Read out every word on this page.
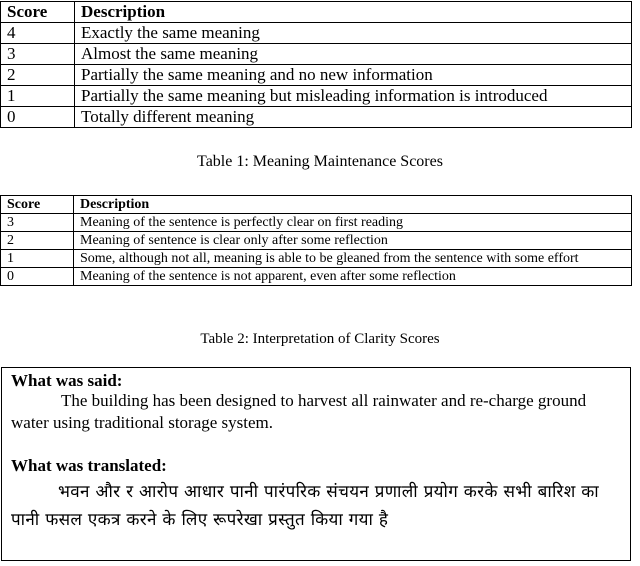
Score	Description
4	Exactly the same meaning
3	Almost the same meaning
2	Partially the same meaning and no new information
1	Partially the same meaning but misleading information is introduced
0	Totally different meaning
Table 1: Meaning Maintenance Scores
Score	Description
3	Meaning of the sentence is perfectly clear on first reading
2	Meaning of sentence is clear only after some reflection
1	Some, although not all, meaning is able to be gleaned from the sentence with some effort
0	Meaning of the sentence is not apparent, even after some reflection
Table 2: Interpretation of Clarity Scores
What was said:
The building has been designed to harvest all rainwater and re-charge ground water using traditional storage system.
What was translated:
भवन और र आरोप आधार पानी पारंपरिक संचयन प्रणाली प्रयोग करके सभी बारिश का पानी फसल एकत्र करने के लिए रूपरेखा प्रस्तुत किया गया है
